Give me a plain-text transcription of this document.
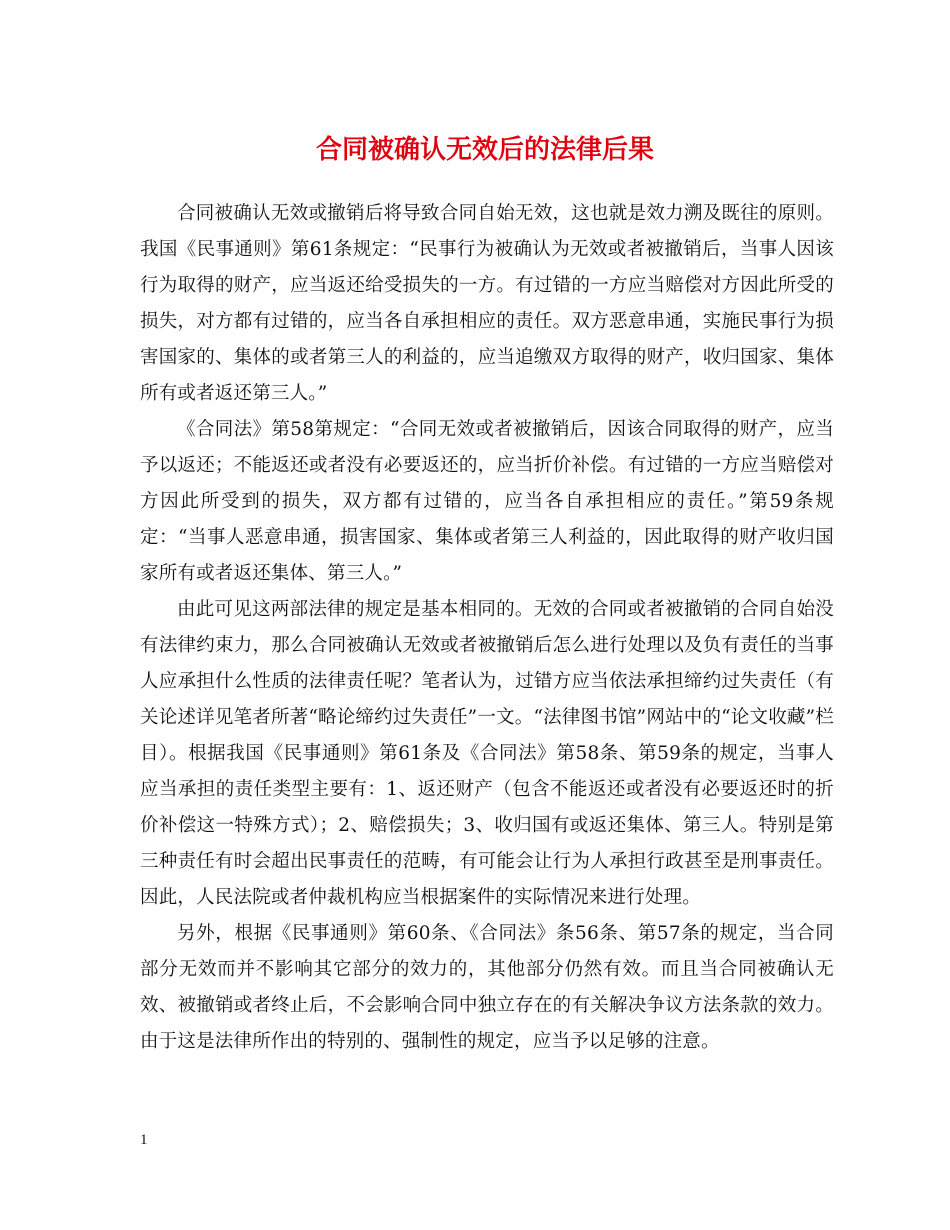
合同被确认无效后的法律后果

合同被确认无效或撤销后将导致合同自始无效，这也就是效力溯及既往的原则。我国《民事通则》第61条规定：“民事行为被确认为无效或者被撤销后，当事人因该行为取得的财产，应当返还给受损失的一方。有过错的一方应当赔偿对方因此所受的损失，对方都有过错的，应当各自承担相应的责任。双方恶意串通，实施民事行为损害国家的、集体的或者第三人的利益的，应当追缴双方取得的财产，收归国家、集体所有或者返还第三人。”

《合同法》第58第规定：“合同无效或者被撤销后，因该合同取得的财产，应当予以返还；不能返还或者没有必要返还的，应当折价补偿。有过错的一方应当赔偿对方因此所受到的损失，双方都有过错的，应当各自承担相应的责任。”第59条规定：“当事人恶意串通，损害国家、集体或者第三人利益的，因此取得的财产收归国家所有或者返还集体、第三人。”

由此可见这两部法律的规定是基本相同的。无效的合同或者被撤销的合同自始没有法律约束力，那么合同被确认无效或者被撤销后怎么进行处理以及负有责任的当事人应承担什么性质的法律责任呢？笔者认为，过错方应当依法承担缔约过失责任（有关论述详见笔者所著“略论缔约过失责任”一文。“法律图书馆”网站中的“论文收藏”栏目）。根据我国《民事通则》第61条及《合同法》第58条、第59条的规定，当事人应当承担的责任类型主要有：1、返还财产（包含不能返还或者没有必要返还时的折价补偿这一特殊方式）；2、赔偿损失；3、收归国有或返还集体、第三人。特别是第三种责任有时会超出民事责任的范畴，有可能会让行为人承担行政甚至是刑事责任。因此，人民法院或者仲裁机构应当根据案件的实际情况来进行处理。

另外，根据《民事通则》第60条、《合同法》条56条、第57条的规定，当合同部分无效而并不影响其它部分的效力的，其他部分仍然有效。而且当合同被确认无效、被撤销或者终止后，不会影响合同中独立存在的有关解决争议方法条款的效力。由于这是法律所作出的特别的、强制性的规定，应当予以足够的注意。

1
